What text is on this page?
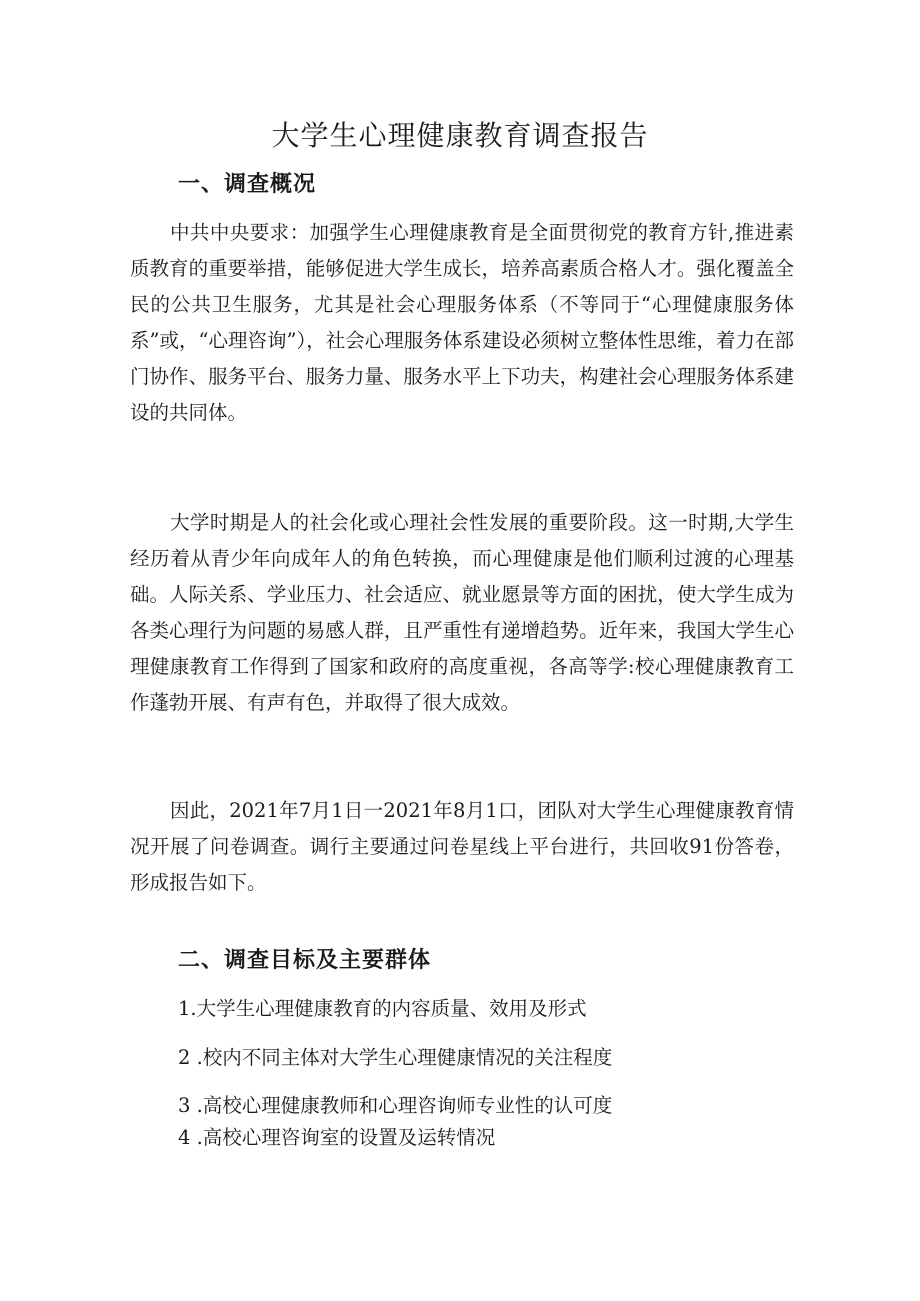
大学生心理健康教育调查报告
一、调查概况

中共中央要求：加强学生心理健康教育是全面贯彻党的教育方针,推进素质教育的重要举措，能够促进大学生成长，培养高素质合格人才。强化覆盖全民的公共卫生服务，尤其是社会心理服务体系（不等同于“心理健康服务体系”或，“心理咨询”），社会心理服务体系建设必须树立整体性思维，着力在部门协作、服务平台、服务力量、服务水平上下功夫，构建社会心理服务体系建设的共同体。

大学时期是人的社会化或心理社会性发展的重要阶段。这一时期,大学生经历着从青少年向成年人的角色转换，而心理健康是他们顺利过渡的心理基础。人际关系、学业压力、社会适应、就业愿景等方面的困扰，使大学生成为各类心理行为问题的易感人群，且严重性有递增趋势。近年来，我国大学生心理健康教育工作得到了国家和政府的高度重视，各高等学:校心理健康教育工作蓬勃开展、有声有色，并取得了很大成效。

因此，2021年7月1日一2021年8月1口，团队对大学生心理健康教育情况开展了问卷调查。调行主要通过问卷星线上平台进行，共回收91份答卷，形成报告如下。

二、调查目标及主要群体

1.大学生心理健康教育的内容质量、效用及形式

2 .校内不同主体对大学生心理健康情况的关注程度

3 .高校心理健康教师和心理咨询师专业性的认可度

4 .高校心理咨询室的设置及运转情况
